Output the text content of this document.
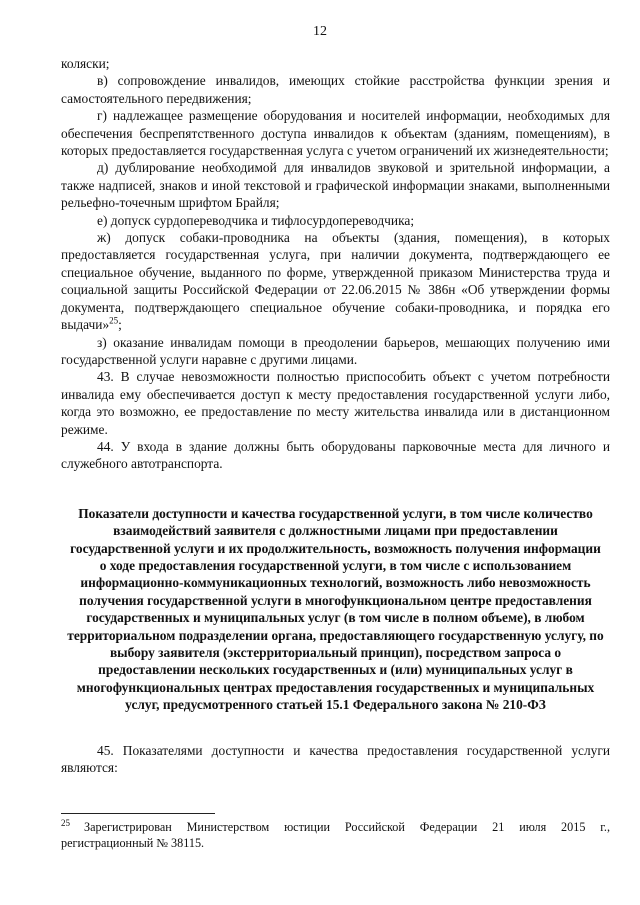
12

коляски;

в) сопровождение инвалидов, имеющих стойкие расстройства функции зрения и самостоятельного передвижения;

г) надлежащее размещение оборудования и носителей информации, необходимых для обеспечения беспрепятственного доступа инвалидов к объектам (зданиям, помещениям), в которых предоставляется государственная услуга с учетом ограничений их жизнедеятельности;

д) дублирование необходимой для инвалидов звуковой и зрительной информации, а также надписей, знаков и иной текстовой и графической информации знаками, выполненными рельефно-точечным шрифтом Брайля;

е) допуск сурдопереводчика и тифлосурдопереводчика;

ж) допуск собаки-проводника на объекты (здания, помещения), в которых предоставляется государственная услуга, при наличии документа, подтверждающего ее специальное обучение, выданного по форме, утвержденной приказом Министерства труда и социальной защиты Российской Федерации от 22.06.2015 № 386н «Об утверждении формы документа, подтверждающего специальное обучение собаки-проводника, и порядка его выдачи»$^{25}$;

з) оказание инвалидам помощи в преодолении барьеров, мешающих получению ими государственной услуги наравне с другими лицами.

43. В случае невозможности полностью приспособить объект с учетом потребности инвалида ему обеспечивается доступ к месту предоставления государственной услуги либо, когда это возможно, ее предоставление по месту жительства инвалида или в дистанционном режиме.

44. У входа в здание должны быть оборудованы парковочные места для личного и служебного автотранспорта.

Показатели доступности и качества государственной услуги, в том числе количество взаимодействий заявителя с должностными лицами при предоставлении государственной услуги и их продолжительность, возможность получения информации о ходе предоставления государственной услуги, в том числе с использованием информационно-коммуникационных технологий, возможность либо невозможность получения государственной услуги в многофункциональном центре предоставления государственных и муниципальных услуг (в том числе в полном объеме), в любом территориальном подразделении органа, предоставляющего государственную услугу, по выбору заявителя (экстерриториальный принцип), посредством запроса о предоставлении нескольких государственных и (или) муниципальных услуг в многофункциональных центрах предоставления государственных и муниципальных услуг, предусмотренного статьей 15.1 Федерального закона № 210-ФЗ

45. Показателями доступности и качества предоставления государственной услуги являются:

$^{25}$ Зарегистрирован Министерством юстиции Российской Федерации 21 июля 2015 г., регистрационный № 38115.
